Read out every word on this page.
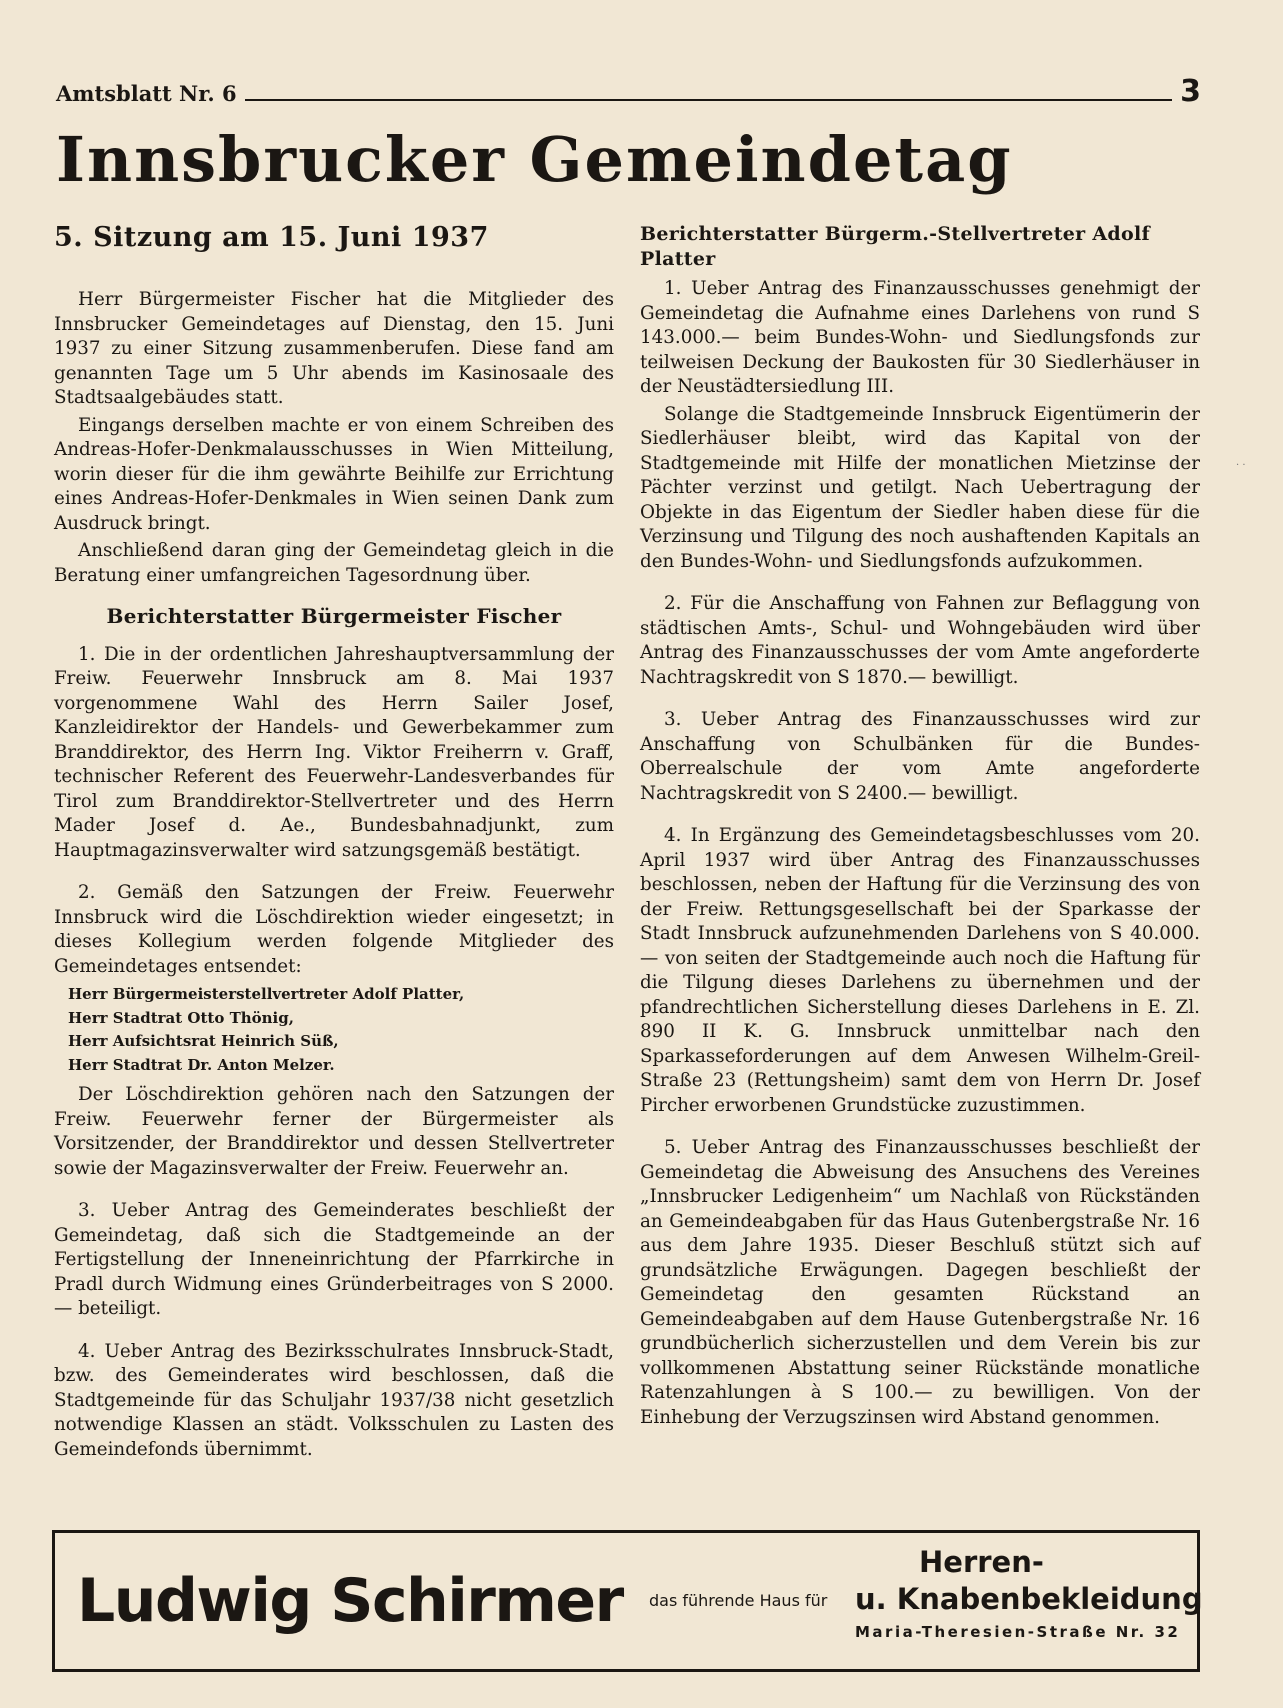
Amtsblatt Nr. 6	3
Innsbrucker Gemeindetag
5. Sitzung am 15. Juni 1937

Herr Bürgermeister Fischer hat die Mitglieder des Innsbrucker Gemeindetages auf Dienstag, den 15. Juni 1937 zu einer Sitzung zusammenberufen. Diese fand am genannten Tage um 5 Uhr abends im Kasinosaale des Stadtsaalgebäudes statt.

Eingangs derselben machte er von einem Schreiben des Andreas-Hofer-Denkmalausschusses in Wien Mitteilung, worin dieser für die ihm gewährte Beihilfe zur Errichtung eines Andreas-Hofer-Denkmales in Wien seinen Dank zum Ausdruck bringt.

Anschließend daran ging der Gemeindetag gleich in die Beratung einer umfangreichen Tagesordnung über.

Berichterstatter Bürgermeister Fischer

1. Die in der ordentlichen Jahreshauptversammlung der Freiw. Feuerwehr Innsbruck am 8. Mai 1937 vorgenommene Wahl des Herrn Sailer Josef, Kanzleidirektor der Handels- und Gewerbekammer zum Branddirektor, des Herrn Ing. Viktor Freiherrn v. Graff, technischer Referent des Feuerwehr-Landesverbandes für Tirol zum Branddirektor-Stellvertreter und des Herrn Mader Josef d. Ae., Bundesbahnadjunkt, zum Hauptmagazinsverwalter wird satzungsgemäß bestätigt.

2. Gemäß den Satzungen der Freiw. Feuerwehr Innsbruck wird die Löschdirektion wieder eingesetzt; in dieses Kollegium werden folgende Mitglieder des Gemeindetages entsendet:

Herr Bürgermeisterstellvertreter Adolf Platter,
Herr Stadtrat Otto Thönig,
Herr Aufsichtsrat Heinrich Süß,
Herr Stadtrat Dr. Anton Melzer.

Der Löschdirektion gehören nach den Satzungen der Freiw. Feuerwehr ferner der Bürgermeister als Vorsitzender, der Branddirektor und dessen Stellvertreter sowie der Magazinsverwalter der Freiw. Feuerwehr an.

3. Ueber Antrag des Gemeinderates beschließt der Gemeindetag, daß sich die Stadtgemeinde an der Fertigstellung der Inneneinrichtung der Pfarrkirche in Pradl durch Widmung eines Gründerbeitrages von S 2000.— beteiligt.

4. Ueber Antrag des Bezirksschulrates Innsbruck-Stadt, bzw. des Gemeinderates wird beschlossen, daß die Stadtgemeinde für das Schuljahr 1937/38 nicht gesetzlich notwendige Klassen an städt. Volksschulen zu Lasten des Gemeindefonds übernimmt.

Berichterstatter Bürgerm.-Stellvertreter Adolf Platter

1. Ueber Antrag des Finanzausschusses genehmigt der Gemeindetag die Aufnahme eines Darlehens von rund S 143.000.— beim Bundes-Wohn- und Siedlungsfonds zur teilweisen Deckung der Baukosten für 30 Siedlerhäuser in der Neustädtersiedlung III.

Solange die Stadtgemeinde Innsbruck Eigentümerin der Siedlerhäuser bleibt, wird das Kapital von der Stadtgemeinde mit Hilfe der monatlichen Mietzinse der Pächter verzinst und getilgt. Nach Uebertragung der Objekte in das Eigentum der Siedler haben diese für die Verzinsung und Tilgung des noch aushaftenden Kapitals an den Bundes-Wohn- und Siedlungsfonds aufzukommen.

2. Für die Anschaffung von Fahnen zur Beflaggung von städtischen Amts-, Schul- und Wohngebäuden wird über Antrag des Finanzausschusses der vom Amte angeforderte Nachtragskredit von S 1870.— bewilligt.

3. Ueber Antrag des Finanzausschusses wird zur Anschaffung von Schulbänken für die Bundes-Oberrealschule der vom Amte angeforderte Nachtragskredit von S 2400.— bewilligt.

4. In Ergänzung des Gemeindetagsbeschlusses vom 20. April 1937 wird über Antrag des Finanzausschusses beschlossen, neben der Haftung für die Verzinsung des von der Freiw. Rettungsgesellschaft bei der Sparkasse der Stadt Innsbruck aufzunehmenden Darlehens von S 40.000.— von seiten der Stadtgemeinde auch noch die Haftung für die Tilgung dieses Darlehens zu übernehmen und der pfandrechtlichen Sicherstellung dieses Darlehens in E. Zl. 890 II K. G. Innsbruck unmittelbar nach den Sparkasseforderungen auf dem Anwesen Wilhelm-Greil-Straße 23 (Rettungsheim) samt dem von Herrn Dr. Josef Pircher erworbenen Grundstücke zuzustimmen.

5. Ueber Antrag des Finanzausschusses beschließt der Gemeindetag die Abweisung des Ansuchens des Vereines „Innsbrucker Ledigenheim“ um Nachlaß von Rückständen an Gemeindeabgaben für das Haus Gutenbergstraße Nr. 16 aus dem Jahre 1935. Dieser Beschluß stützt sich auf grundsätzliche Erwägungen. Dagegen beschließt der Gemeindetag den gesamten Rückstand an Gemeindeabgaben auf dem Hause Gutenbergstraße Nr. 16 grundbücherlich sicherzustellen und dem Verein bis zur vollkommenen Abstattung seiner Rückstände monatliche Ratenzahlungen à S 100.— zu bewilligen. Von der Einhebung der Verzugszinsen wird Abstand genommen.

· ·
Ludwig Schirmer das führende Haus für
Herren-
u. Knabenbekleidung
Maria-Theresien-Straße Nr. 32
